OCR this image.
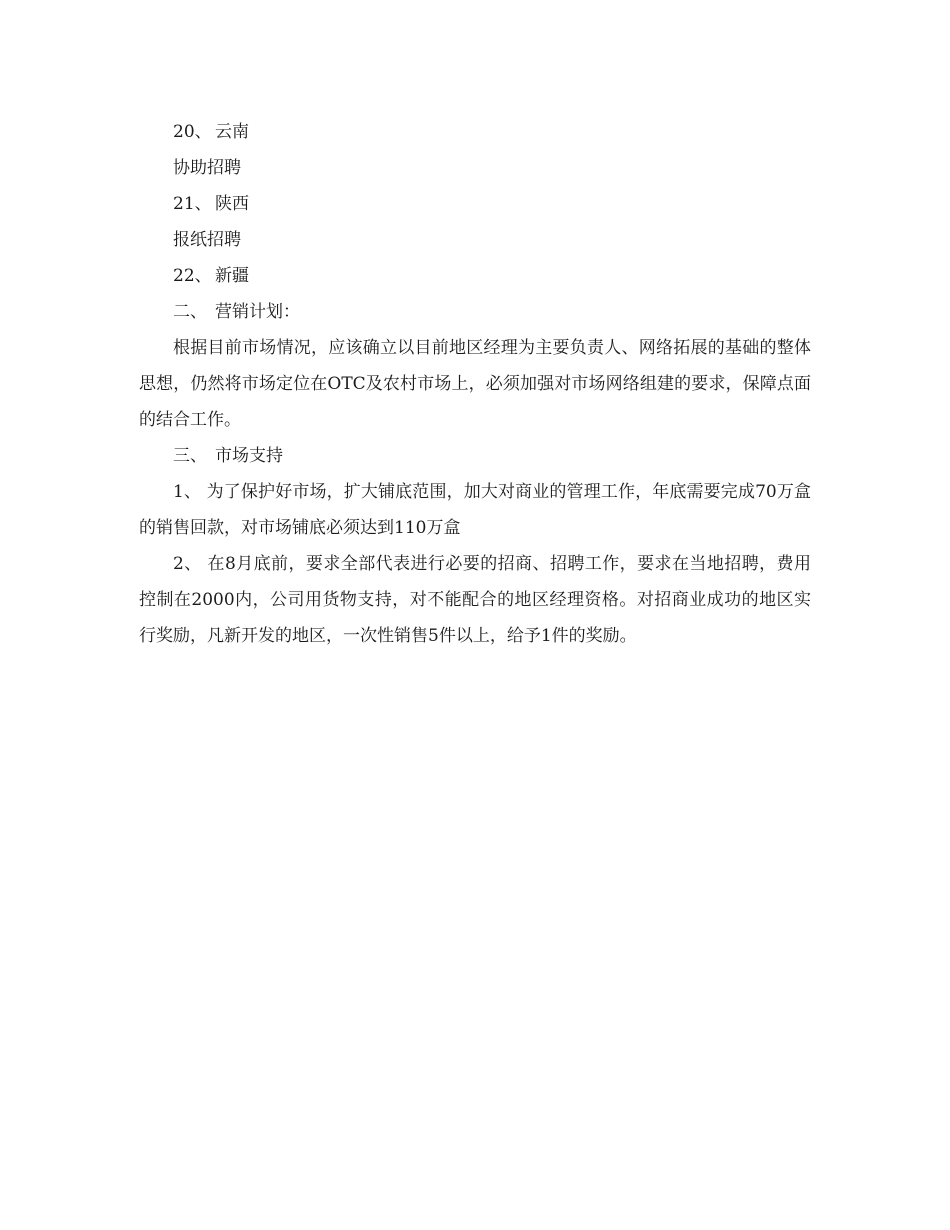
20、 云南

协助招聘

21、 陕西

报纸招聘

22、 新疆

二、 营销计划：

根据目前市场情况，应该确立以目前地区经理为主要负责人、网络拓展的基础的整体思想，仍然将市场定位在OTC及农村市场上，必须加强对市场网络组建的要求，保障点面的结合工作。

三、 市场支持

1、 为了保护好市场，扩大铺底范围，加大对商业的管理工作，年底需要完成70万盒的销售回款，对市场铺底必须达到110万盒

2、 在8月底前，要求全部代表进行必要的招商、招聘工作，要求在当地招聘，费用控制在2000内，公司用货物支持，对不能配合的地区经理资格。对招商业成功的地区实行奖励，凡新开发的地区，一次性销售5件以上，给予1件的奖励。
